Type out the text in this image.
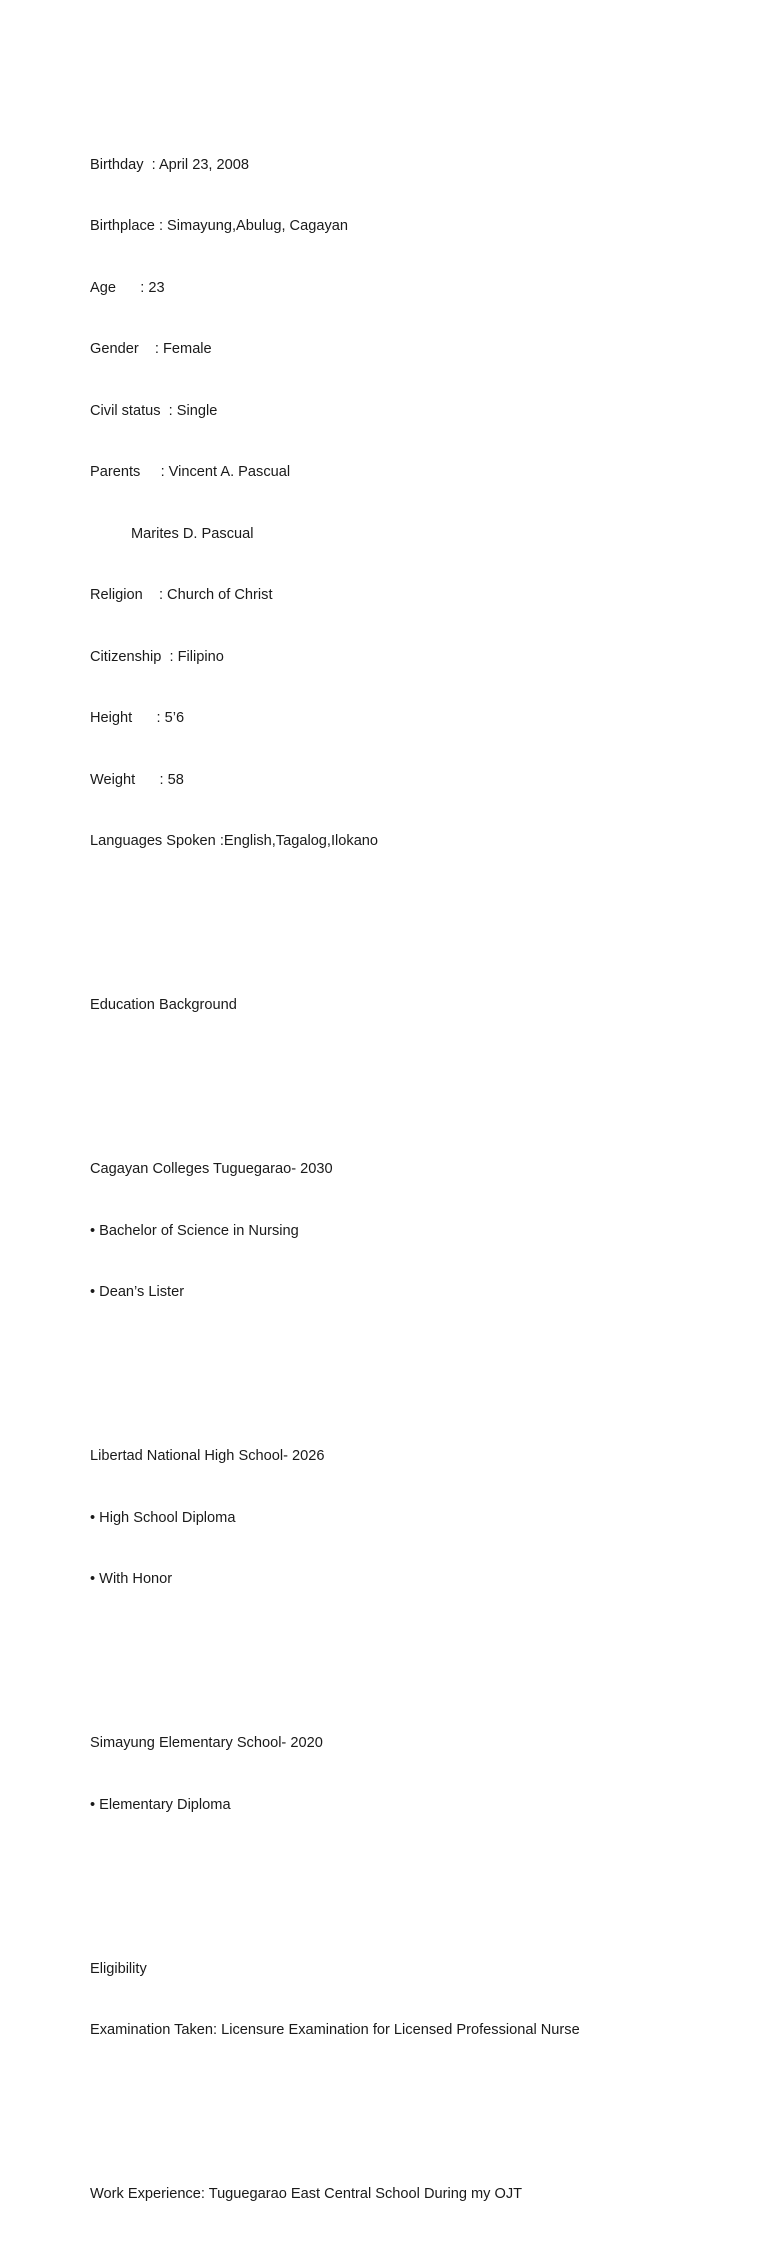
Birthday  : April 23, 2008

Birthplace : Simayung,Abulug, Cagayan

Age      : 23

Gender    : Female

Civil status  : Single

Parents     : Vincent A. Pascual

Marites D. Pascual

Religion    : Church of Christ

Citizenship  : Filipino

Height      : 5’6

Weight      : 58

Languages Spoken :English,Tagalog,Ilokano

Education Background

Cagayan Colleges Tuguegarao- 2030

• Bachelor of Science in Nursing

• Dean’s Lister

Libertad National High School- 2026

• High School Diploma

• With Honor

Simayung Elementary School- 2020

• Elementary Diploma

Eligibility

Examination Taken: Licensure Examination for Licensed Professional Nurse

Work Experience: Tuguegarao East Central School During my OJT
